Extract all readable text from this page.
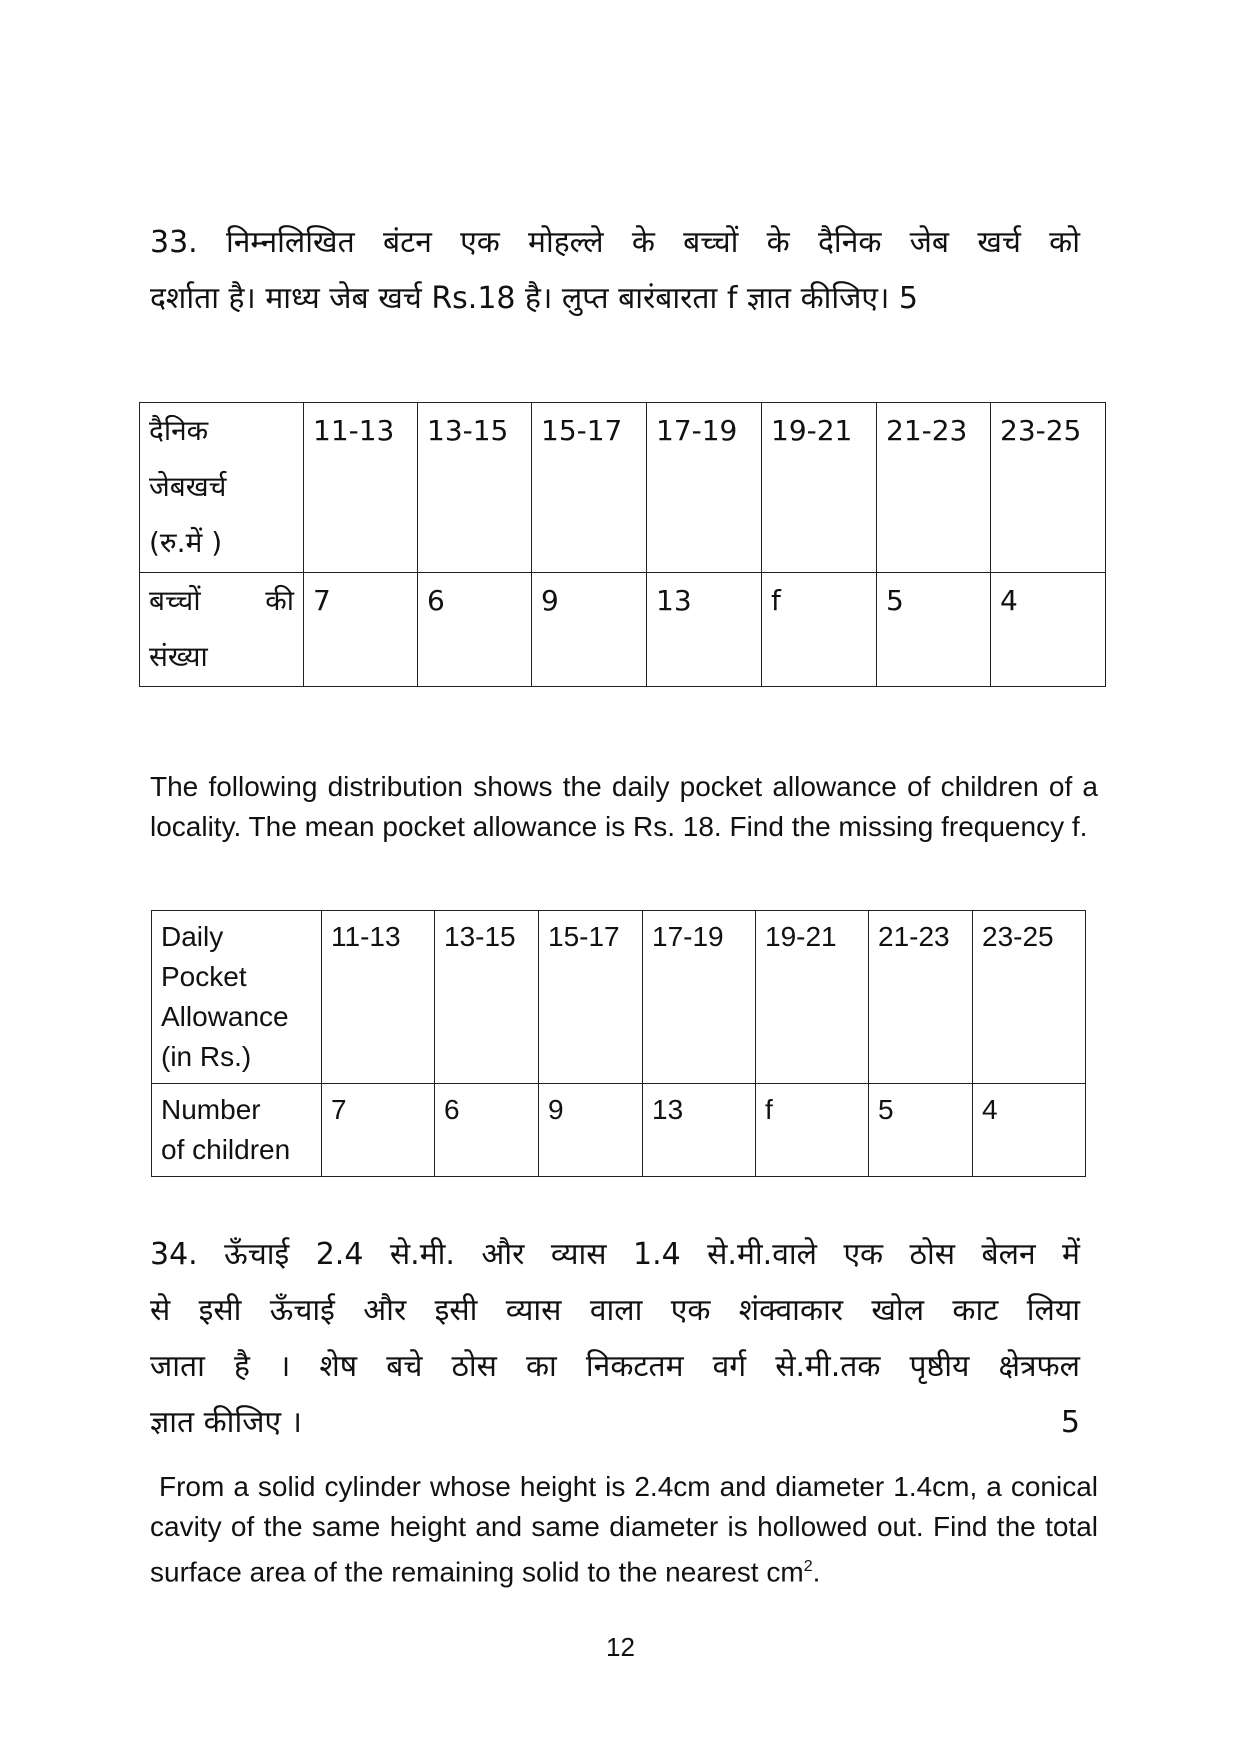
33. निम्नलिखित बंटन एक मोहल्ले के बच्चों के दैनिक जेब खर्च को
दर्शाता है। माध्य जेब खर्च Rs.18 है। लुप्त बारंबारता f ज्ञात कीजिए। 5
दैनिक
जेबखर्च
(रु.में )	11-13	13-15	15-17	17-19	19-21	21-23	23-25

बच्चों की
संख्या	7	6	9	13	f	5	4
The following distribution shows the daily pocket allowance of children of a locality. The mean pocket allowance is Rs. 18. Find the missing frequency f.
Daily
Pocket
Allowance
(in Rs.)	11-13	13-15	15-17	17-19	19-21	21-23	23-25

Number
of children	7	6	9	13	f	5	4
34. ऊँचाई 2.4 से.मी. और व्यास 1.4 से.मी.वाले एक ठोस बेलन में
से इसी ऊँचाई और इसी व्यास वाला एक शंक्वाकार खोल काट लिया
जाता है । शेष बचे ठोस का निकटतम वर्ग से.मी.तक पृष्ठीय क्षेत्रफल
ज्ञात कीजिए ।	5
From a solid cylinder whose height is 2.4cm and diameter 1.4cm, a conical cavity of the same height and same diameter is hollowed out. Find the total surface area of the remaining solid to the nearest $cm^2$.
12
